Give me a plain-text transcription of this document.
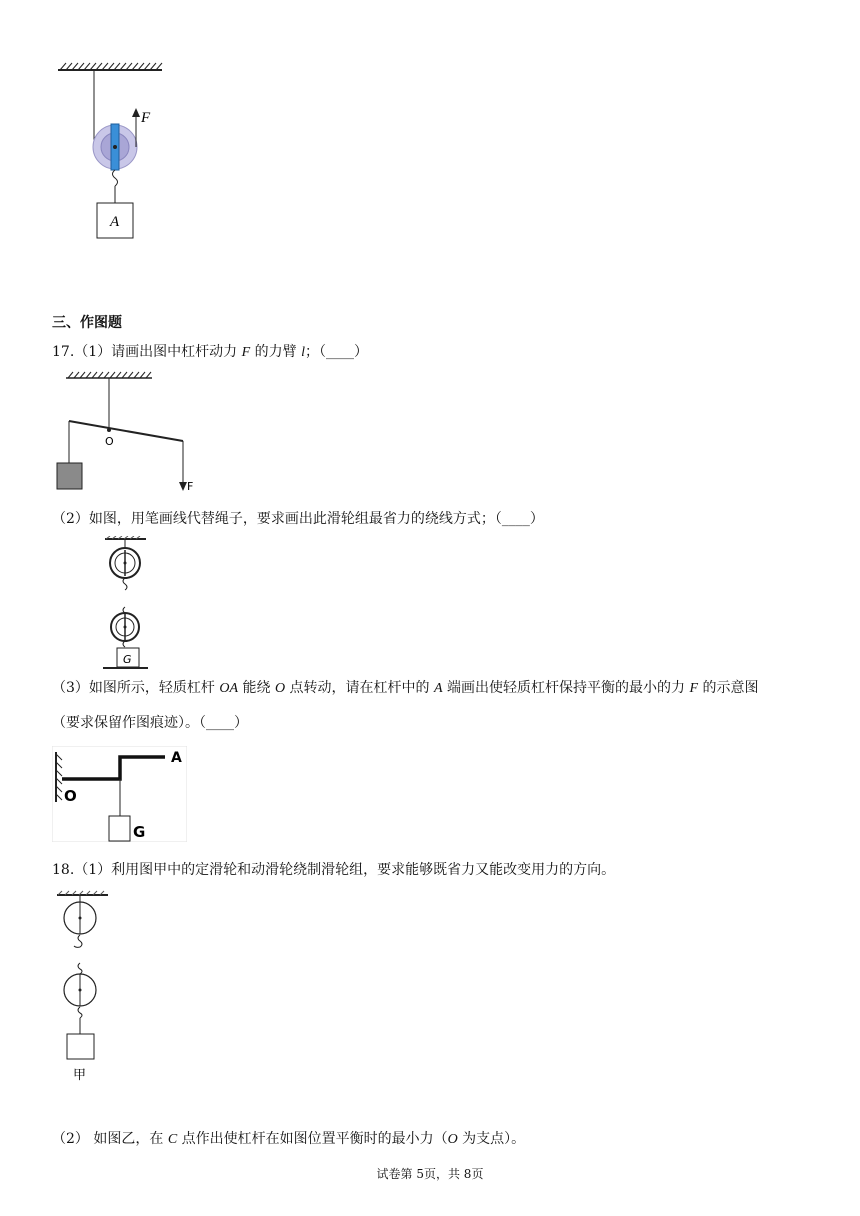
F
A
三、作图题
17.（1）请画出图中杠杆动力 F 的力臂 l；（____）
O
F
（2）如图，用笔画线代替绳子，要求画出此滑轮组最省力的绕线方式；（____）
G
（3）如图所示，轻质杠杆 OA 能绕 O 点转动，请在杠杆中的 A 端画出使轻质杠杆保持平衡的最小的力 F 的示意图
（要求保留作图痕迹）。（____）
O
A
G
18.（1）利用图甲中的定滑轮和动滑轮绕制滑轮组，要求能够既省力又能改变用力的方向。
甲
（2） 如图乙，在 C 点作出使杠杆在如图位置平衡时的最小力（O 为支点）。
试卷第 5页，共 8页
